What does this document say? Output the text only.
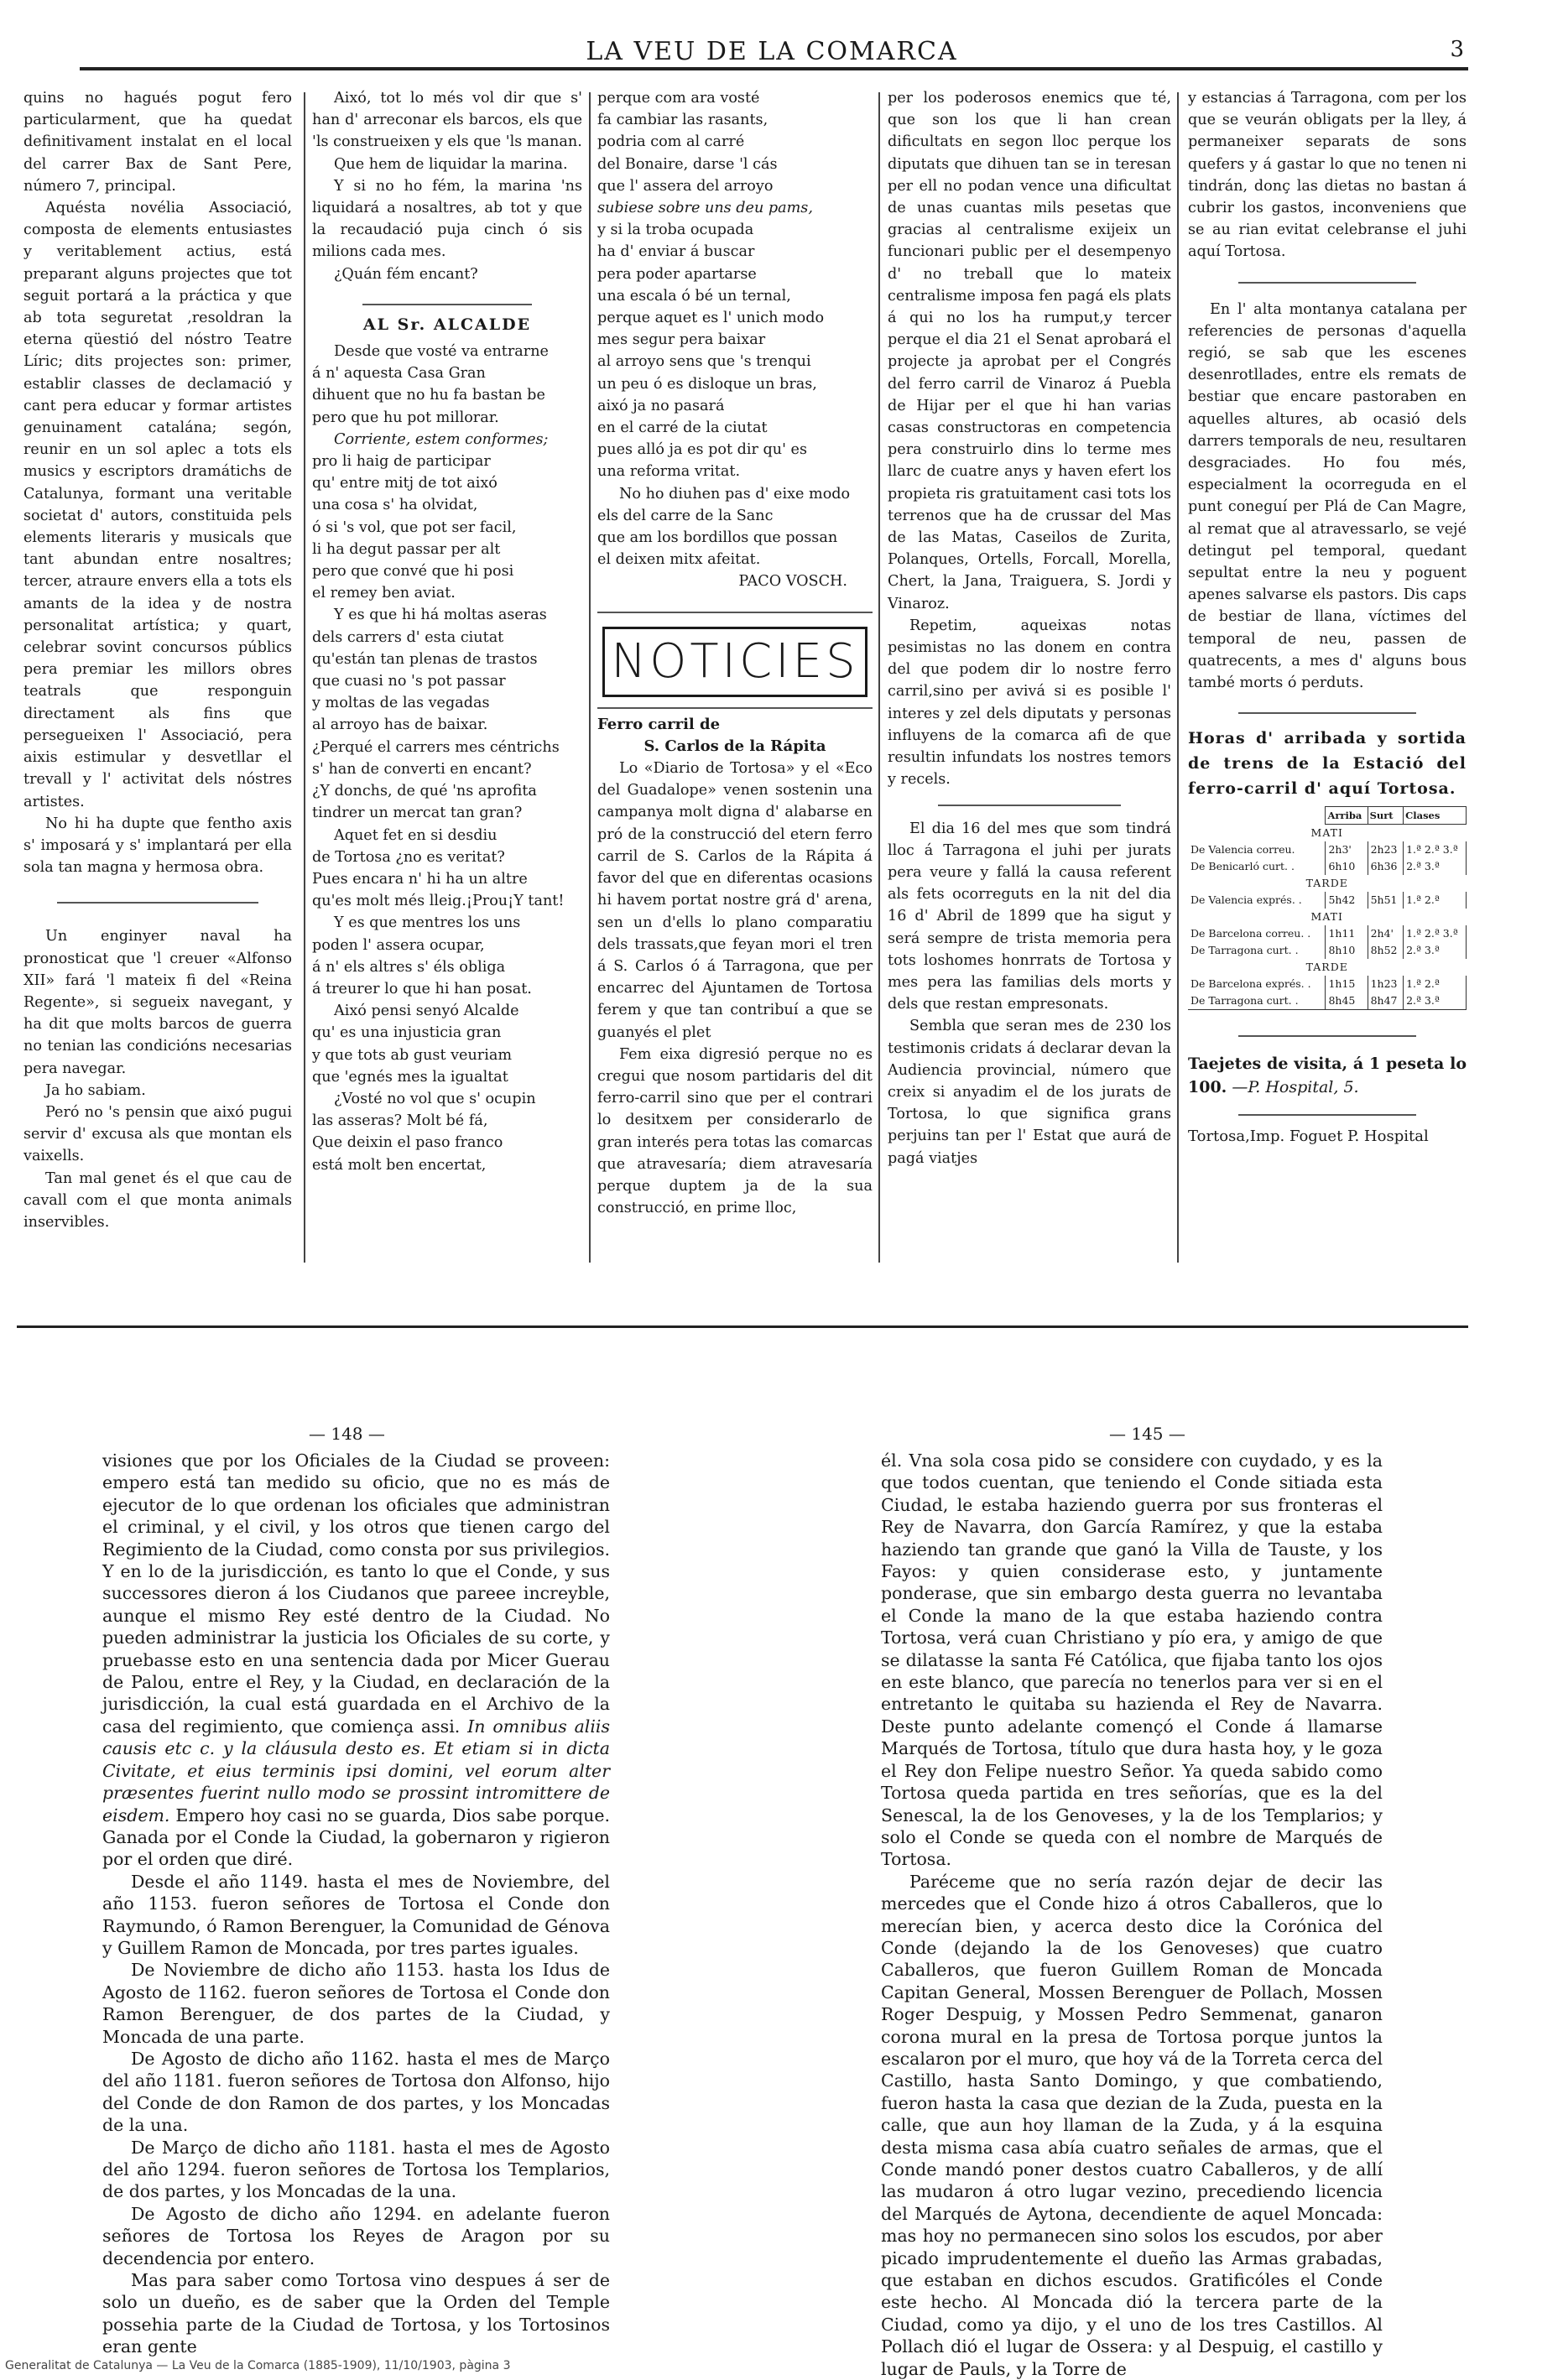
LA VEU DE LA COMARCA	3

quins no hagués pogut fero particularment, que ha quedat definitivament instalat en el local del carrer Bax de Sant Pere, número 7, principal.

Aquésta novélia Associació, composta de elements entusiastes y veritablement actius, está preparant alguns projectes que tot seguit portará a la práctica y que ab tota seguretat ,resoldran la eterna qüestió del nóstro Teatre Líric; dits projectes son: primer, establir classes de declamació y cant pera educar y formar artistes genuinament catalána; segón, reunir en un sol aplec a tots els musics y escriptors dramátichs de Catalunya, formant una veritable societat d' autors, constituida pels elements literaris y musicals que tant abundan entre nosaltres; tercer, atraure envers ella a tots els amants de la idea y de nostra personalitat artística; y quart, celebrar sovint concursos públics pera premiar les millors obres teatrals que responguin directament als fins que persegueixen l' Associació, pera aixis estimular y desvetllar el trevall y l' activitat dels nóstres artistes.

No hi ha dupte que fentho axis s' imposará y s' implantará per ella sola tan magna y hermosa obra.

Un enginyer naval ha pronosticat que 'l creuer «Alfonso XII» fará 'l mateix fi del «Reina Regente», si segueix navegant, y ha dit que molts barcos de guerra no tenian las condicións necesarias pera navegar.

Ja ho sabiam.

Peró no 's pensin que aixó pugui servir d' excusa als que montan els vaixells.

Tan mal genet és el que cau de cavall com el que monta animals inservibles.

Aixó, tot lo més vol dir que s' han d' arreconar els barcos, els que 'ls construeixen y els que 'ls manan.

Que hem de liquidar la marina.

Y si no ho fém, la marina 'ns liquidará a nosaltres, ab tot y que la recaudació puja cinch ó sis milions cada mes.

¿Quán fém encant?

AL Sr. ALCALDE

Desde que vosté va entrarne

á n' aquesta Casa Gran

dihuent que no hu fa bastan be

pero que hu pot millorar.

Corriente, estem conformes;

pro li haig de participar

qu' entre mitj de tot aixó

una cosa s' ha olvidat,

ó si 's vol, que pot ser facil,

li ha degut passar per alt

pero que convé que hi posi

el remey ben aviat.

Y es que hi há moltas aseras

dels carrers d' esta ciutat

qu'están tan plenas de trastos

que cuasi no 's pot passar

y moltas de las vegadas

al arroyo has de baixar.

¿Perqué el carrers mes céntrichs

s' han de converti en encant?

¿Y donchs, de qué 'ns aprofita

tindrer un mercat tan gran?

Aquet fet en si desdiu

de Tortosa ¿no es veritat?

Pues encara n' hi ha un altre

qu'es molt més lleig.¡Prou¡Y tant!

Y es que mentres los uns

poden l' assera ocupar,

á n' els altres s' éls obliga

á treurer lo que hi han posat.

Aixó pensi senyó Alcalde

qu' es una injusticia gran

y que tots ab gust veuriam

que 'egnés mes la igualtat

¿Vosté no vol que s' ocupin

las asseras? Molt bé fá,

Que deixin el paso franco

está molt ben encertat,

perque com ara vosté

fa cambiar las rasants,

podria com al carré

del Bonaire, darse 'l cás

que l' assera del arroyo

subiese sobre uns deu pams,

y si la troba ocupada

ha d' enviar á buscar

pera poder apartarse

una escala ó bé un ternal,

perque aquet es l' unich modo

mes segur pera baixar

al arroyo sens que 's trenqui

un peu ó es disloque un bras,

aixó ja no pasará

en el carré de la ciutat

pues alló ja es pot dir qu' es

una reforma vritat.

No ho diuhen pas d' eixe modo

els del carre de la Sanc

que am los bordillos que possan

el deixen mitx afeitat.

PACO VOSCH.

NOTICIES

Ferro carril de

S. Carlos de la Rápita

Lo «Diario de Tortosa» y el «Eco del Guadalope» venen sostenin una campanya molt digna d' alabarse en pró de la construcció del etern ferro carril de S. Carlos de la Rápita á favor del que en diferentas ocasions hi havem portat nostre grá d' arena, sen un d'ells lo plano comparatiu dels trassats,que feyan mori el tren á S. Carlos ó á Tarragona, que per encarrec del Ajuntamen de Tortosa ferem y que tan contribuí a que se guanyés el plet

Fem eixa digresió perque no es cregui que nosom partidaris del dit ferro-carril sino que per el contrari lo desitxem per considerarlo de gran interés pera totas las comarcas que atravesaría; diem atravesaría perque duptem ja de la sua construcció, en prime lloc,

per los poderosos enemics que té, que son los que li han crean dificultats en segon lloc perque los diputats que dihuen tan se in teresan per ell no podan vence una dificultat de unas cuantas mils pesetas que gracias al centralisme exijeix un funcionari public per el desempenyo d' no treball que lo mateix centralisme imposa fen pagá els plats á qui no los ha rumput,y tercer perque el dia 21 el Senat aprobará el projecte ja aprobat per el Congrés del ferro carril de Vinaroz á Puebla de Hijar per el que hi han varias casas constructoras en competencia pera construirlo dins lo terme mes llarc de cuatre anys y haven efert los propieta ris gratuitament casi tots los terrenos que ha de crussar del Mas de las Matas, Caseilos de Zurita, Polanques, Ortells, Forcall, Morella, Chert, la Jana, Traiguera, S. Jordi y Vinaroz.

Repetim, aqueixas notas pesimistas no las donem en contra del que podem dir lo nostre ferro carril,sino per avivá si es posible l' interes y zel dels diputats y personas influyens de la comarca afi de que resultin infundats los nostres temors y recels.

El dia 16 del mes que som tindrá lloc á Tarragona el juhi per jurats pera veure y fallá la causa referent als fets ocorreguts en la nit del dia 16 d' Abril de 1899 que ha sigut y será sempre de trista memoria pera tots loshomes honrrats de Tortosa y mes pera las familias dels morts y dels que restan empresonats.

Sembla que seran mes de 230 los testimonis cridats á declarar devan la Audiencia provincial, número que creix si anyadim el de los jurats de Tortosa, lo que significa grans perjuins tan per l' Estat que aurá de pagá viatjes

y estancias á Tarragona, com per los que se veurán obligats per la lley, á permaneixer separats de sons quefers y á gastar lo que no tenen ni tindrán, donç las dietas no bastan á cubrir los gastos, inconveniens que se au rian evitat celebranse el juhi aquí Tortosa.

En l' alta montanya catalana per referencies de personas d'aquella regió, se sab que les escenes desenrotllades, entre els remats de bestiar que encare pastoraben en aquelles altures, ab ocasió dels darrers temporals de neu, resultaren desgraciades. Ho fou més, especialment la ocorreguda en el punt coneguí per Plá de Can Magre, al remat que al atravessarlo, se vejé detingut pel temporal, quedant sepultat entre la neu y poguent apenes salvarse els pastors. Dis caps de bestiar de llana, víctimes del temporal de neu, passen de quatrecents, a mes d' alguns bous també morts ó perduts.

Horas d' arribada y sortida de trens de la Estació del ferro-carril d' aquí Tortosa.

	Arriba	Surt	Clases
MATI			
De Valencia correu.	2h3'	2h23	1.ª 2.ª 3.ª
De Benicarló curt. .	6h10	6h36	2.ª 3.ª
TARDE			
De Valencia exprés. .	5h42	5h51	1.ª 2.ª
MATI			
De Barcelona correu. .	1h11	2h4'	1.ª 2.ª 3.ª
De Tarragona curt. .	8h10	8h52	2.ª 3.ª
TARDE			
De Barcelona exprés. .	1h15	1h23	1.ª 2.ª
De Tarragona curt. .	8h45	8h47	2.ª 3.ª

Taejetes de visita, á 1 peseta lo 100. —P. Hospital, 5.

Tortosa,Imp. Foguet P. Hospital

— 148 —

visiones que por los Oficiales de la Ciudad se proveen: empero está tan medido su oficio, que no es más de ejecutor de lo que ordenan los oficiales que administran el criminal, y el civil, y los otros que tienen cargo del Regimiento de la Ciudad, como consta por sus privilegios. Y en lo de la jurisdicción, es tanto lo que el Conde, y sus successores dieron á los Ciudanos que pareee increyble, aunque el mismo Rey esté dentro de la Ciudad. No pueden administrar la justicia los Oficiales de su corte, y pruebasse esto en una sentencia dada por Micer Guerau de Palou, entre el Rey, y la Ciudad, en declaración de la jurisdicción, la cual está guardada en el Archivo de la casa del regimiento, que comiença assi. In omnibus aliis causis etc c. y la cláusula desto es. Et etiam si in dicta Civitate, et eius terminis ipsi domini, vel eorum alter præsentes fuerint nullo modo se prossint intromittere de eisdem. Empero hoy casi no se guarda, Dios sabe porque. Ganada por el Conde la Ciudad, la gobernaron y rigieron por el orden que diré.

Desde el año 1149. hasta el mes de Noviembre, del año 1153. fueron señores de Tortosa el Conde don Raymundo, ó Ramon Berenguer, la Comunidad de Génova y Guillem Ramon de Moncada, por tres partes iguales.

De Noviembre de dicho año 1153. hasta los Idus de Agosto de 1162. fueron señores de Tortosa el Conde don Ramon Berenguer, de dos partes de la Ciudad, y Moncada de una parte.

De Agosto de dicho año 1162. hasta el mes de Março del año 1181. fueron señores de Tortosa don Alfonso, hijo del Conde de don Ramon de dos partes, y los Moncadas de la una.

De Março de dicho año 1181. hasta el mes de Agosto del año 1294. fueron señores de Tortosa los Templarios, de dos partes, y los Moncadas de la una.

De Agosto de dicho año 1294. en adelante fueron señores de Tortosa los Reyes de Aragon por su decendencia por entero.

Mas para saber como Tortosa vino despues á ser de solo un dueño, es de saber que la Orden del Temple possehia parte de la Ciudad de Tortosa, y los Tortosinos eran gente

— 145 —

él. Vna sola cosa pido se considere con cuydado, y es la que todos cuentan, que teniendo el Conde sitiada esta Ciudad, le estaba haziendo guerra por sus fronteras el Rey de Navarra, don García Ramírez, y que la estaba haziendo tan grande que ganó la Villa de Tauste, y los Fayos: y quien considerase esto, y juntamente ponderase, que sin embargo desta guerra no levantaba el Conde la mano de la que estaba haziendo contra Tortosa, verá cuan Christiano y pío era, y amigo de que se dilatasse la santa Fé Católica, que fijaba tanto los ojos en este blanco, que parecía no tenerlos para ver si en el entretanto le quitaba su hazienda el Rey de Navarra. Deste punto adelante començó el Conde á llamarse Marqués de Tortosa, título que dura hasta hoy, y le goza el Rey don Felipe nuestro Señor. Ya queda sabido como Tortosa queda partida en tres señorías, que es la del Senescal, la de los Genoveses, y la de los Templarios; y solo el Conde se queda con el nombre de Marqués de Tortosa.

Paréceme que no sería razón dejar de decir las mercedes que el Conde hizo á otros Caballeros, que lo merecían bien, y acerca desto dice la Corónica del Conde (dejando la de los Genoveses) que cuatro Caballeros, que fueron Guillem Roman de Moncada Capitan General, Mossen Berenguer de Pollach, Mossen Roger Despuig, y Mossen Pedro Semmenat, ganaron corona mural en la presa de Tortosa porque juntos la escalaron por el muro, que hoy vá de la Torreta cerca del Castillo, hasta Santo Domingo, y que combatiendo, fueron hasta la casa que dezian de la Zuda, puesta en la calle, que aun hoy llaman de la Zuda, y á la esquina desta misma casa abía cuatro señales de armas, que el Conde mandó poner destos cuatro Caballeros, y de allí las mudaron á otro lugar vezino, precediendo licencia del Marqués de Aytona, decendiente de aquel Moncada: mas hoy no permanecen sino solos los escudos, por aber picado imprudentemente el dueño las Armas grabadas, que estaban en dichos escudos. Gratificóles el Conde este hecho. Al Moncada dió la tercera parte de la Ciudad, como ya dijo, y el uno de los tres Castillos. Al Pollach dió el lugar de Ossera: y al Despuig, el castillo y lugar de Pauls, y la Torre de

Generalitat de Catalunya — La Veu de la Comarca (1885-1909), 11/10/1903, pàgina 3
